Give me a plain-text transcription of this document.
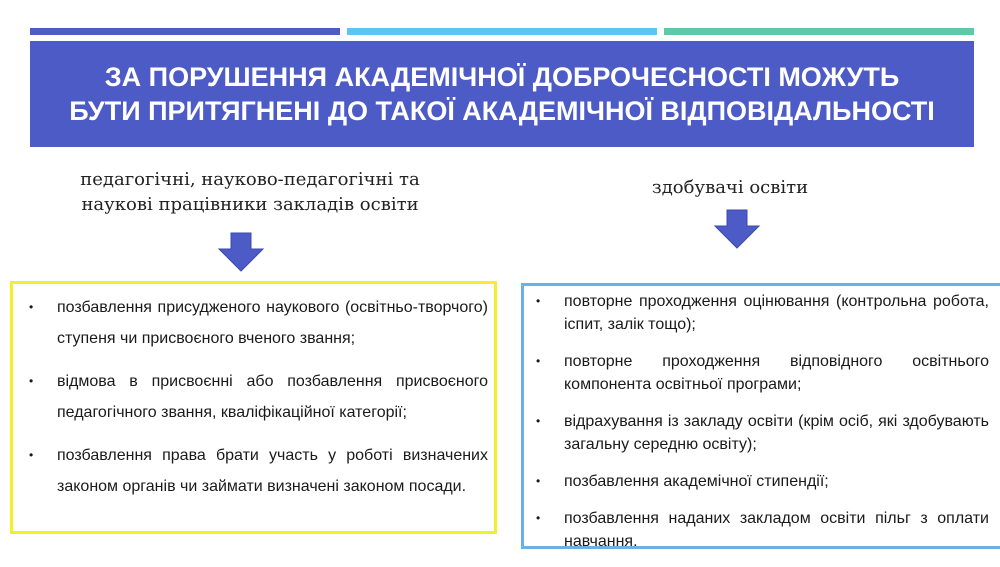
ЗА ПОРУШЕННЯ АКАДЕМІЧНОЇ ДОБРОЧЕСНОСТІ МОЖУТЬ
БУТИ ПРИТЯГНЕНІ ДО ТАКОЇ АКАДЕМІЧНОЇ ВІДПОВІДАЛЬНОСТІ
педагогічні, науково-педагогічні та
наукові працівники закладів освіти
здобувачі освіти
•	позбавлення присудженого наукового (освітньо-творчого) ступеня чи присвоєного вченого звання;
•	відмова в присвоєнні або позбавлення присвоєного педагогічного звання, кваліфікаційної категорії;
•	позбавлення права брати участь у роботі визначених законом органів чи займати визначені законом посади.
•	повторне проходження оцінювання (контрольна робота, іспит, залік тощо);
•	повторне проходження відповідного освітнього компонента освітньої програми;
•	відрахування із закладу освіти (крім осіб, які здобувають загальну середню освіту);
•	позбавлення академічної стипендії;
•	позбавлення наданих закладом освіти пільг з оплати навчання.
